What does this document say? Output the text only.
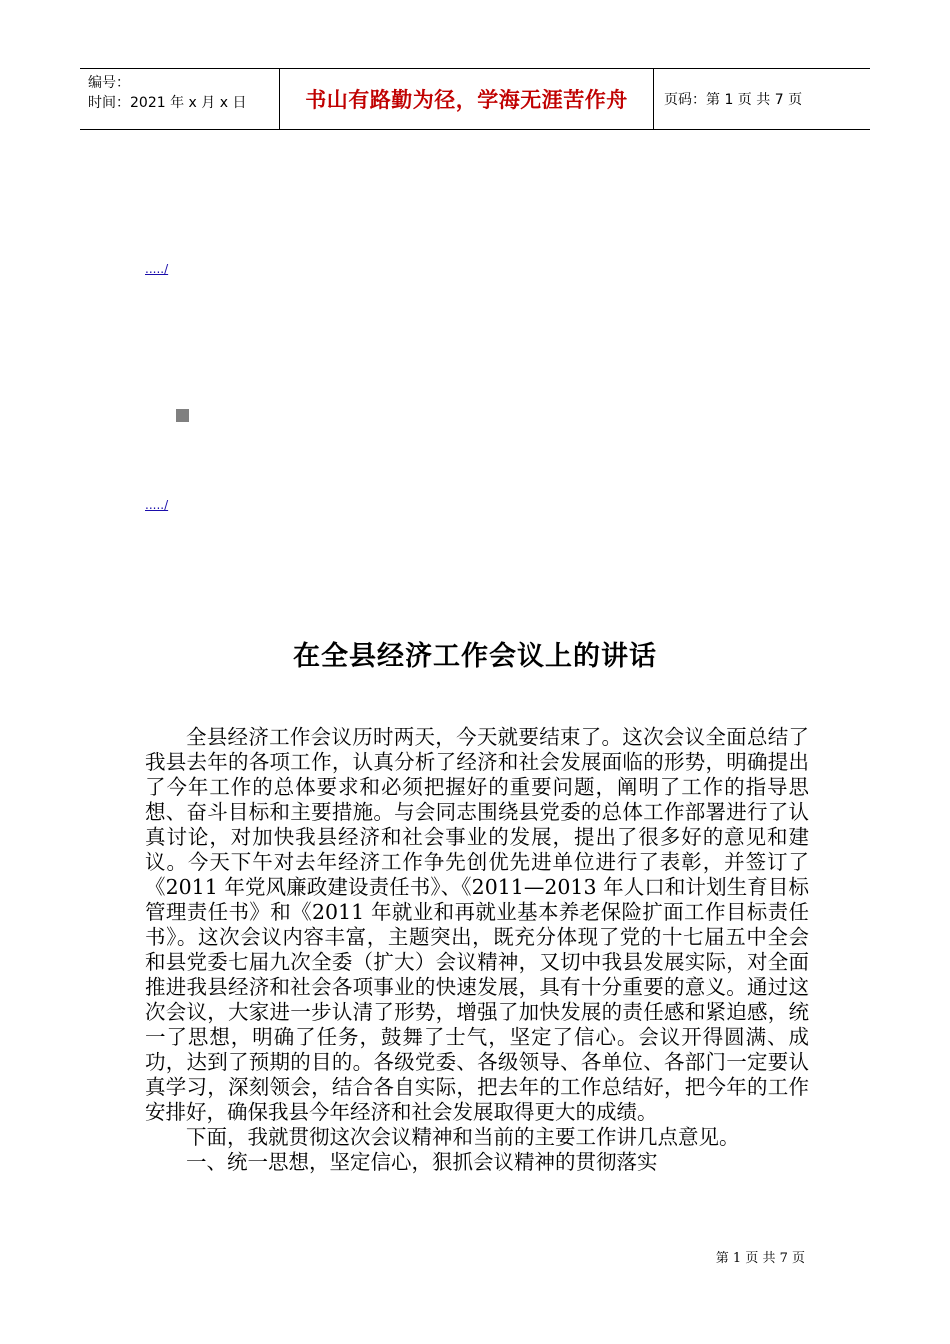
编号：
时间：2021 年 x 月 x 日	书山有路勤为径，学海无涯苦作舟	页码：第 1 页 共 7 页
...../
...../
在全县经济工作会议上的讲话

全县经济工作会议历时两天，今天就要结束了。这次会议全面总结了我县去年的各项工作，认真分析了经济和社会发展面临的形势，明确提出了今年工作的总体要求和必须把握好的重要问题，阐明了工作的指导思想、奋斗目标和主要措施。与会同志围绕县党委的总体工作部署进行了认真讨论，对加快我县经济和社会事业的发展，提出了很多好的意见和建议。今天下午对去年经济工作争先创优先进单位进行了表彰，并签订了《2011 年党风廉政建设责任书》、《2011—2013 年人口和计划生育目标管理责任书》和《2011 年就业和再就业基本养老保险扩面工作目标责任书》。这次会议内容丰富，主题突出，既充分体现了党的十七届五中全会和县党委七届九次全委（扩大）会议精神，又切中我县发展实际，对全面推进我县经济和社会各项事业的快速发展，具有十分重要的意义。通过这次会议，大家进一步认清了形势，增强了加快发展的责任感和紧迫感，统一了思想，明确了任务，鼓舞了士气，坚定了信心。会议开得圆满、成功，达到了预期的目的。各级党委、各级领导、各单位、各部门一定要认真学习，深刻领会，结合各自实际，把去年的工作总结好，把今年的工作安排好，确保我县今年经济和社会发展取得更大的成绩。

下面，我就贯彻这次会议精神和当前的主要工作讲几点意见。

一、统一思想，坚定信心，狠抓会议精神的贯彻落实

第 1 页 共 7 页
